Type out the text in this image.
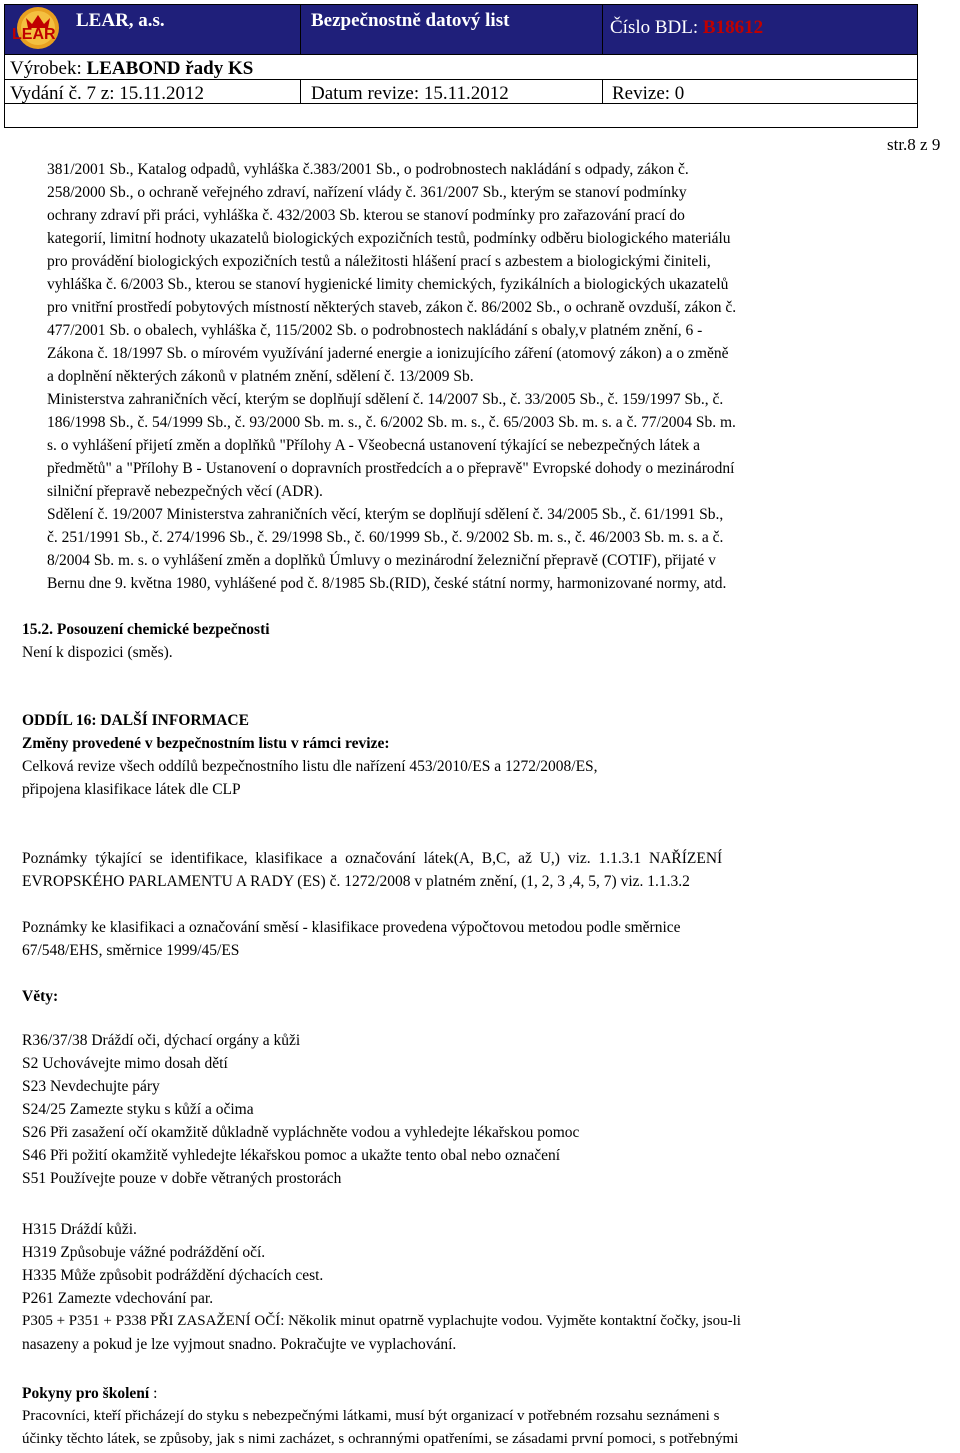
LEAR
LEAR, a.s.	Bezpečnostně datový list	Číslo BDL: B18612
Výrobek: LEABOND řady KS
Vydání č. 7 z: 15.11.2012	Datum revize: 15.11.2012	Revize: 0
str.8 z 9
381/2001 Sb., Katalog odpadů, vyhláška č.383/2001 Sb., o podrobnostech nakládání s odpady, zákon č.
258/2000 Sb., o ochraně veřejného zdraví, nařízení vlády č. 361/2007 Sb., kterým se stanoví podmínky
ochrany zdraví při práci, vyhláška č. 432/2003 Sb. kterou se stanoví podmínky pro zařazování prací do
kategorií, limitní hodnoty ukazatelů biologických expozičních testů, podmínky odběru biologického materiálu
pro provádění biologických expozičních testů a náležitosti hlášení prací s azbestem a biologickými činiteli,
vyhláška č. 6/2003 Sb., kterou se stanoví hygienické limity chemických, fyzikálních a biologických ukazatelů
pro vnitřní prostředí pobytových místností některých staveb, zákon č. 86/2002 Sb., o ochraně ovzduší, zákon č.
477/2001 Sb. o obalech, vyhláška č, 115/2002 Sb. o podrobnostech nakládání s obaly,v platném znění, 6 -
Zákona č. 18/1997 Sb. o mírovém využívání jaderné energie a ionizujícího záření (atomový zákon) a o změně
a doplnění některých zákonů v platném znění, sdělení č. 13/2009 Sb.
Ministerstva zahraničních věcí, kterým se doplňují sdělení č. 14/2007 Sb., č. 33/2005 Sb., č. 159/1997 Sb., č.
186/1998 Sb., č. 54/1999 Sb., č. 93/2000 Sb. m. s., č. 6/2002 Sb. m. s., č. 65/2003 Sb. m. s. a č. 77/2004 Sb. m.
s. o vyhlášení přijetí změn a doplňků "Přílohy A - Všeobecná ustanovení týkající se nebezpečných látek a
předmětů" a "Přílohy B - Ustanovení o dopravních prostředcích a o přepravě" Evropské dohody o mezinárodní
silniční přepravě nebezpečných věcí (ADR).
Sdělení č. 19/2007 Ministerstva zahraničních věcí, kterým se doplňují sdělení č. 34/2005 Sb., č. 61/1991 Sb.,
č. 251/1991 Sb., č. 274/1996 Sb., č. 29/1998 Sb., č. 60/1999 Sb., č. 9/2002 Sb. m. s., č. 46/2003 Sb. m. s. a č.
8/2004 Sb. m. s. o vyhlášení změn a doplňků Úmluvy o mezinárodní železniční přepravě (COTIF), přijaté v
Bernu dne 9. května 1980, vyhlášené pod č. 8/1985 Sb.(RID), české státní normy, harmonizované normy, atd.
15.2. Posouzení chemické bezpečnosti
Není k dispozici (směs).
ODDÍL 16: DALŠÍ INFORMACE
Změny provedené v bezpečnostním listu v rámci revize:
Celková revize všech oddílů bezpečnostního listu dle nařízení 453/2010/ES a 1272/2008/ES,
připojena klasifikace látek dle CLP
Poznámky týkající se identifikace, klasifikace a označování látek(A, B,C, až U,) viz. 1.1.3.1 NAŘÍZENÍ
EVROPSKÉHO PARLAMENTU A RADY (ES) č. 1272/2008 v platném znění, (1, 2, 3 ,4, 5, 7) viz. 1.1.3.2
Poznámky ke klasifikaci a označování směsí - klasifikace provedena výpočtovou metodou podle směrnice
67/548/EHS, směrnice 1999/45/ES
Věty:
R36/37/38 Dráždí oči, dýchací orgány a kůži
S2 Uchovávejte mimo dosah dětí
S23 Nevdechujte páry
S24/25 Zamezte styku s kůží a očima
S26 Při zasažení očí okamžitě důkladně vypláchněte vodou a vyhledejte lékařskou pomoc
S46 Při požití okamžitě vyhledejte lékařskou pomoc a ukažte tento obal nebo označení
S51 Používejte pouze v dobře větraných prostorách
H315 Dráždí kůži.
H319 Způsobuje vážné podráždění očí.
H335 Může způsobit podráždění dýchacích cest.
P261 Zamezte vdechování par.
P305 + P351 + P338 PŘI ZASAŽENÍ OČÍ: Několik minut opatrně vyplachujte vodou. Vyjměte kontaktní čočky, jsou-li
nasazeny a pokud je lze vyjmout snadno. Pokračujte ve vyplachování.
Pokyny pro školení :
Pracovníci, kteří přicházejí do styku s nebezpečnými látkami, musí být organizací v potřebném rozsahu seznámeni s
účinky těchto látek, se způsoby, jak s nimi zacházet, s ochrannými opatřeními, se zásadami první pomoci, s potřebnými
